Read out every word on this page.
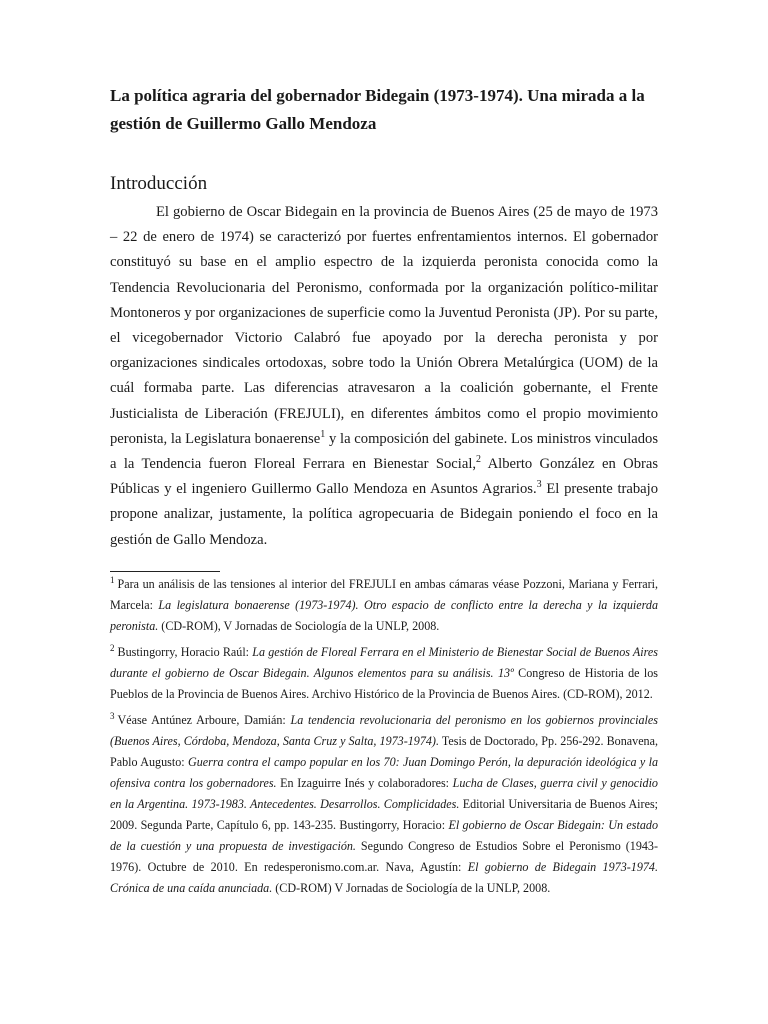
La política agraria del gobernador Bidegain (1973-1974). Una mirada a la gestión de Guillermo Gallo Mendoza
Introducción

El gobierno de Oscar Bidegain en la provincia de Buenos Aires (25 de mayo de 1973 – 22 de enero de 1974) se caracterizó por fuertes enfrentamientos internos. El gobernador constituyó su base en el amplio espectro de la izquierda peronista conocida como la Tendencia Revolucionaria del Peronismo, conformada por la organización político-militar Montoneros y por organizaciones de superficie como la Juventud Peronista (JP). Por su parte, el vicegobernador Victorio Calabró fue apoyado por la derecha peronista y por organizaciones sindicales ortodoxas, sobre todo la Unión Obrera Metalúrgica (UOM) de la cuál formaba parte. Las diferencias atravesaron a la coalición gobernante, el Frente Justicialista de Liberación (FREJULI), en diferentes ámbitos como el propio movimiento peronista, la Legislatura bonaerense$^1$ y la composición del gabinete. Los ministros vinculados a la Tendencia fueron Floreal Ferrara en Bienestar Social,$^2$ Alberto González en Obras Públicas y el ingeniero Guillermo Gallo Mendoza en Asuntos Agrarios.$^3$ El presente trabajo propone analizar, justamente, la política agropecuaria de Bidegain poniendo el foco en la gestión de Gallo Mendoza.

$^1$ Para un análisis de las tensiones al interior del FREJULI en ambas cámaras véase Pozzoni, Mariana y Ferrari, Marcela: La legislatura bonaerense (1973-1974). Otro espacio de conflicto entre la derecha y la izquierda peronista. (CD-ROM), V Jornadas de Sociología de la UNLP, 2008.

$^2$ Bustingorry, Horacio Raúl: La gestión de Floreal Ferrara en el Ministerio de Bienestar Social de Buenos Aires durante el gobierno de Oscar Bidegain. Algunos elementos para su análisis. 13º Congreso de Historia de los Pueblos de la Provincia de Buenos Aires. Archivo Histórico de la Provincia de Buenos Aires. (CD-ROM), 2012.

$^3$ Véase Antúnez Arboure, Damián: La tendencia revolucionaria del peronismo en los gobiernos provinciales (Buenos Aires, Córdoba, Mendoza, Santa Cruz y Salta, 1973-1974). Tesis de Doctorado, Pp. 256-292. Bonavena, Pablo Augusto: Guerra contra el campo popular en los 70: Juan Domingo Perón, la depuración ideológica y la ofensiva contra los gobernadores. En Izaguirre Inés y colaboradores: Lucha de Clases, guerra civil y genocidio en la Argentina. 1973-1983. Antecedentes. Desarrollos. Complicidades. Editorial Universitaria de Buenos Aires; 2009. Segunda Parte, Capítulo 6, pp. 143-235. Bustingorry, Horacio: El gobierno de Oscar Bidegain: Un estado de la cuestión y una propuesta de investigación. Segundo Congreso de Estudios Sobre el Peronismo (1943-1976). Octubre de 2010. En redesperonismo.com.ar. Nava, Agustín: El gobierno de Bidegain 1973-1974. Crónica de una caída anunciada. (CD-ROM) V Jornadas de Sociología de la UNLP, 2008.
